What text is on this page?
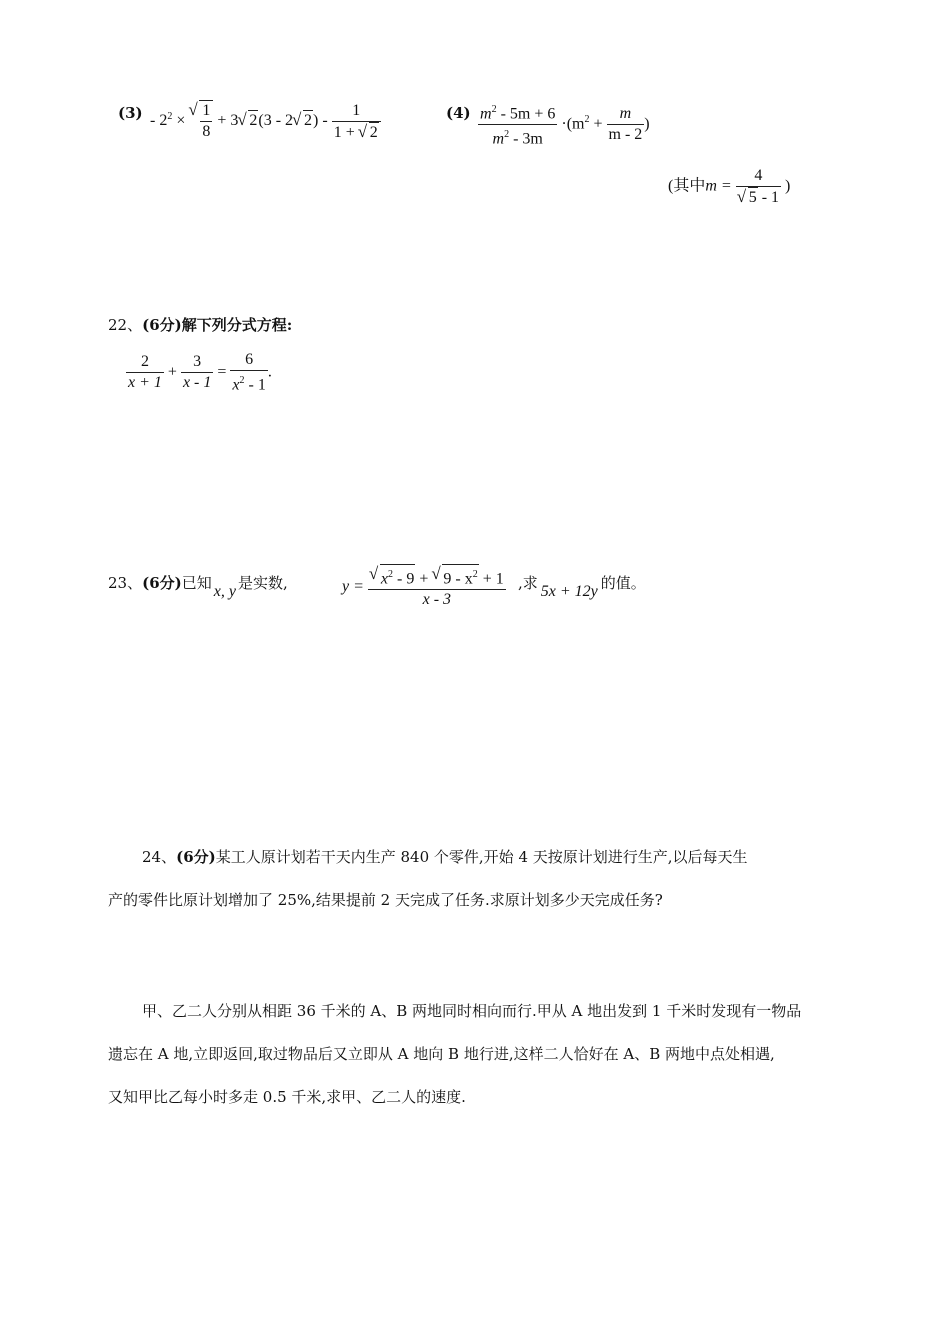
$(3) - 2^2$ ×
√ $\frac{1}{8} + 3√$ 2(3 - 2√ $2) - \frac{1}{1 + √ 2}$	$(4) \frac{m^2 - 5m + 6}{m^2 - 3m} \cdot(m^2 + \frac{m}{m - 2}$ )
(其中m = 4
√ 5 - 1 )
22、(6分)解下列分式方程:
$\frac{2}{x + 1} + \frac{3}{x - 1} = \frac{6}{x^2 - 1}$ .
23、(6分)已知 x, y 是实数,	y =
√ $\frac{x^2 - 9 + √ 9 - x^2 + 1}{x - 3}$ ,求 5x + 12y 的值。
24、(6分)某工人原计划若干天内生产 840 个零件,开始 4 天按原计划进行生产,以后每天生
产的零件比原计划增加了 25%,结果提前 2 天完成了任务.求原计划多少天完成任务?
甲、乙二人分别从相距 36 千米的 A、B 两地同时相向而行.甲从 A 地出发到 1 千米时发现有一物品
遗忘在 A 地,立即返回,取过物品后又立即从 A 地向 B 地行进,这样二人恰好在 A、B 两地中点处相遇,
又知甲比乙每小时多走 0.5 千米,求甲、乙二人的速度.
